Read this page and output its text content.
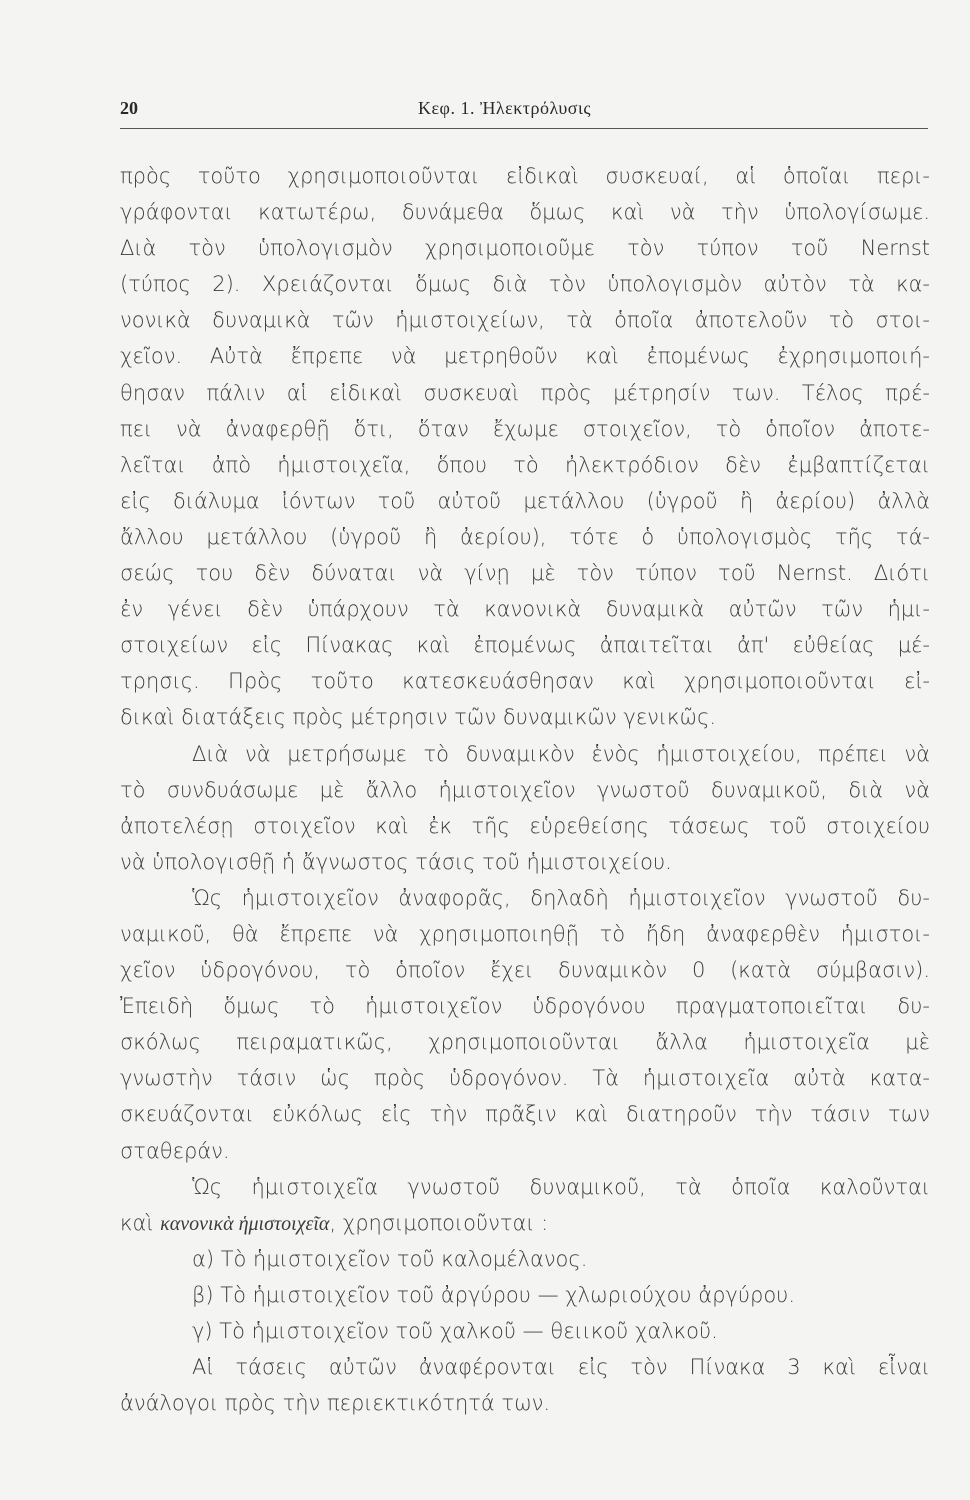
20	Κεφ. 1. Ἠλεκτρόλυσις
πρὸς τοῦτο χρησιμοποιοῦνται εἰδικαὶ συσκευαί, αἱ ὁποῖαι περι-
γράφονται κατωτέρω, δυνάμεθα ὅμως καὶ νὰ τὴν ὑπολογίσωμε.
Διὰ τὸν ὑπολογισμὸν χρησιμοποιοῦμε τὸν τύπον τοῦ Nernst
(τύπος 2). Χρειάζονται ὅμως διὰ τὸν ὑπολογισμὸν αὐτὸν τὰ κα-
νονικὰ δυναμικὰ τῶν ἡμιστοιχείων, τὰ ὁποῖα ἀποτελοῦν τὸ στοι-
χεῖον. Αὐτὰ ἔπρεπε νὰ μετρηθοῦν καὶ ἐπομένως ἐχρησιμοποιή-
θησαν πάλιν αἱ εἰδικαὶ συσκευαὶ πρὸς μέτρησίν των. Τέλος πρέ-
πει νὰ ἀναφερθῇ ὅτι, ὅταν ἔχωμε στοιχεῖον, τὸ ὁποῖον ἀποτε-
λεῖται ἀπὸ ἡμιστοιχεῖα, ὅπου τὸ ἠλεκτρόδιον δὲν ἐμβαπτίζεται
εἰς διάλυμα ἰόντων τοῦ αὐτοῦ μετάλλου (ὑγροῦ ἢ ἀερίου) ἀλλὰ
ἄλλου μετάλλου (ὑγροῦ ἢ ἀερίου), τότε ὁ ὑπολογισμὸς τῆς τά-
σεώς του δὲν δύναται νὰ γίνῃ μὲ τὸν τύπον τοῦ Nernst. Διότι
ἐν γένει δὲν ὑπάρχουν τὰ κανονικὰ δυναμικὰ αὐτῶν τῶν ἡμι-
στοιχείων εἰς Πίνακας καὶ ἐπομένως ἀπαιτεῖται ἀπ' εὐθείας μέ-
τρησις. Πρὸς τοῦτο κατεσκευάσθησαν καὶ χρησιμοποιοῦνται εἰ-
δικαὶ διατάξεις πρὸς μέτρησιν τῶν δυναμικῶν γενικῶς.
Διὰ νὰ μετρήσωμε τὸ δυναμικὸν ἑνὸς ἡμιστοιχείου, πρέπει νὰ
τὸ συνδυάσωμε μὲ ἄλλο ἡμιστοιχεῖον γνωστοῦ δυναμικοῦ, διὰ νὰ
ἀποτελέσῃ στοιχεῖον καὶ ἐκ τῆς εὑρεθείσης τάσεως τοῦ στοιχείου
νὰ ὑπολογισθῇ ἡ ἄγνωστος τάσις τοῦ ἡμιστοιχείου.
Ὡς ἡμιστοιχεῖον ἀναφορᾶς, δηλαδὴ ἡμιστοιχεῖον γνωστοῦ δυ-
ναμικοῦ, θὰ ἔπρεπε νὰ χρησιμοποιηθῇ τὸ ἤδη ἀναφερθὲν ἡμιστοι-
χεῖον ὑδρογόνου, τὸ ὁποῖον ἔχει δυναμικὸν 0 (κατὰ σύμβασιν).
Ἐπειδὴ ὅμως τὸ ἡμιστοιχεῖον ὑδρογόνου πραγματοποιεῖται δυ-
σκόλως πειραματικῶς, χρησιμοποιοῦνται ἄλλα ἡμιστοιχεῖα μὲ
γνωστὴν τάσιν ὡς πρὸς ὑδρογόνον. Τὰ ἡμιστοιχεῖα αὐτὰ κατα-
σκευάζονται εὐκόλως εἰς τὴν πρᾶξιν καὶ διατηροῦν τὴν τάσιν των
σταθεράν.
Ὡς ἡμιστοιχεῖα γνωστοῦ δυναμικοῦ, τὰ ὁποῖα καλοῦνται
καὶ κανονικὰ ἡμιστοιχεῖα, χρησιμοποιοῦνται :
α) Τὸ ἡμιστοιχεῖον τοῦ καλομέλανος.
β) Τὸ ἡμιστοιχεῖον τοῦ ἀργύρου — χλωριούχου ἀργύρου.
γ) Τὸ ἡμιστοιχεῖον τοῦ χαλκοῦ — θειικοῦ χαλκοῦ.
Αἱ τάσεις αὐτῶν ἀναφέρονται εἰς τὸν Πίνακα 3 καὶ εἶναι
ἀνάλογοι πρὸς τὴν περιεκτικότητά των.
